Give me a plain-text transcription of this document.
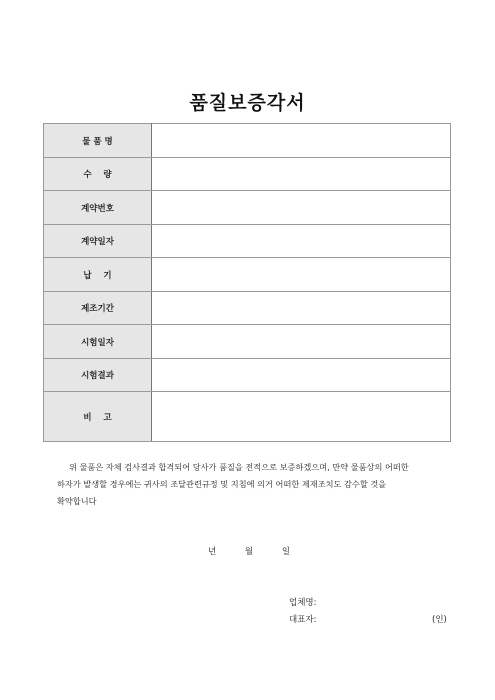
품질보증각서
물 품 명	
수    량	
계약번호	
계약일자	
납    기	
제조기간	
시험일자	
시험결과	
비    고	

위 물품은 자체 검사결과 합격되어 당사가 품질을 전적으로 보증하겠으며, 만약 물품상의 어떠한

하자가 발생할 경우에는 귀사의 조달관련규정 및 지침에 의거 어떠한 제재조치도 감수할 것을

확약합니다

년	월	일
업체명:
대표자:	(인)
